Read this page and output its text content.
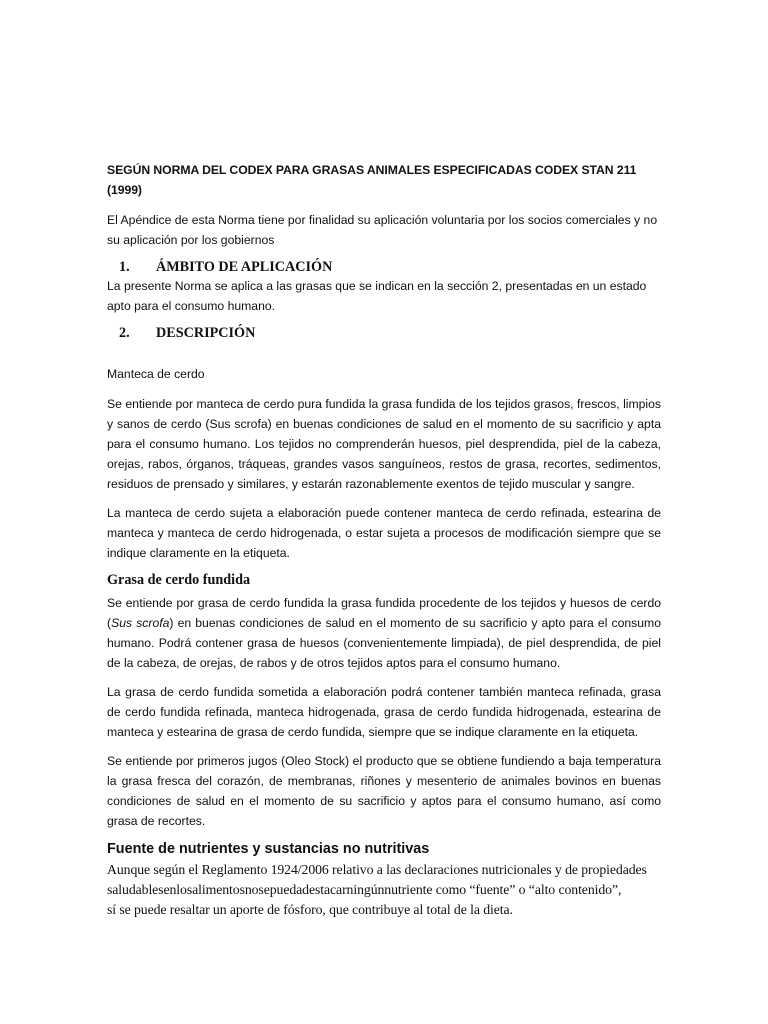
SEGÚN NORMA DEL CODEX PARA GRASAS ANIMALES ESPECIFICADAS CODEX STAN 211 (1999)

El Apéndice de esta Norma tiene por finalidad su aplicación voluntaria por los socios comerciales y no su aplicación por los gobiernos

1. ÁMBITO DE APLICACIÓN

La presente Norma se aplica a las grasas que se indican en la sección 2, presentadas en un estado apto para el consumo humano.

2. DESCRIPCIÓN
Manteca de cerdo

Se entiende por manteca de cerdo pura fundida la grasa fundida de los tejidos grasos, frescos, limpios y sanos de cerdo (Sus scrofa) en buenas condiciones de salud en el momento de su sacrificio y apta para el consumo humano. Los tejidos no comprenderán huesos, piel desprendida, piel de la cabeza, orejas, rabos, órganos, tráqueas, grandes vasos sanguíneos, restos de grasa, recortes, sedimentos, residuos de prensado y similares, y estarán razonablemente exentos de tejido muscular y sangre.

La manteca de cerdo sujeta a elaboración puede contener manteca de cerdo refinada, estearina de manteca y manteca de cerdo hidrogenada, o estar sujeta a procesos de modificación siempre que se indique claramente en la etiqueta.

Grasa de cerdo fundida

Se entiende por grasa de cerdo fundida la grasa fundida procedente de los tejidos y huesos de cerdo (Sus scrofa) en buenas condiciones de salud en el momento de su sacrificio y apto para el consumo humano. Podrá contener grasa de huesos (convenientemente limpiada), de piel desprendida, de piel de la cabeza, de orejas, de rabos y de otros tejidos aptos para el consumo humano.

La grasa de cerdo fundida sometida a elaboración podrá contener también manteca refinada, grasa de cerdo fundida refinada, manteca hidrogenada, grasa de cerdo fundida hidrogenada, estearina de manteca y estearina de grasa de cerdo fundida, siempre que se indique claramente en la etiqueta.

Se entiende por primeros jugos (Oleo Stock) el producto que se obtiene fundiendo a baja temperatura la grasa fresca del corazón, de membranas, riñones y mesenterio de animales bovinos en buenas condiciones de salud en el momento de su sacrificio y aptos para el consumo humano, así como grasa de recortes.

Fuente de nutrientes y sustancias no nutritivas

Aunque según el Reglamento 1924/2006 relativo a las declaraciones nutricionales y de propiedades

saludablesenlosalimentosnosepuedadestacarningúnnutriente como “fuente” o “alto contenido”,

sí se puede resaltar un aporte de fósforo, que contribuye al total de la dieta.
